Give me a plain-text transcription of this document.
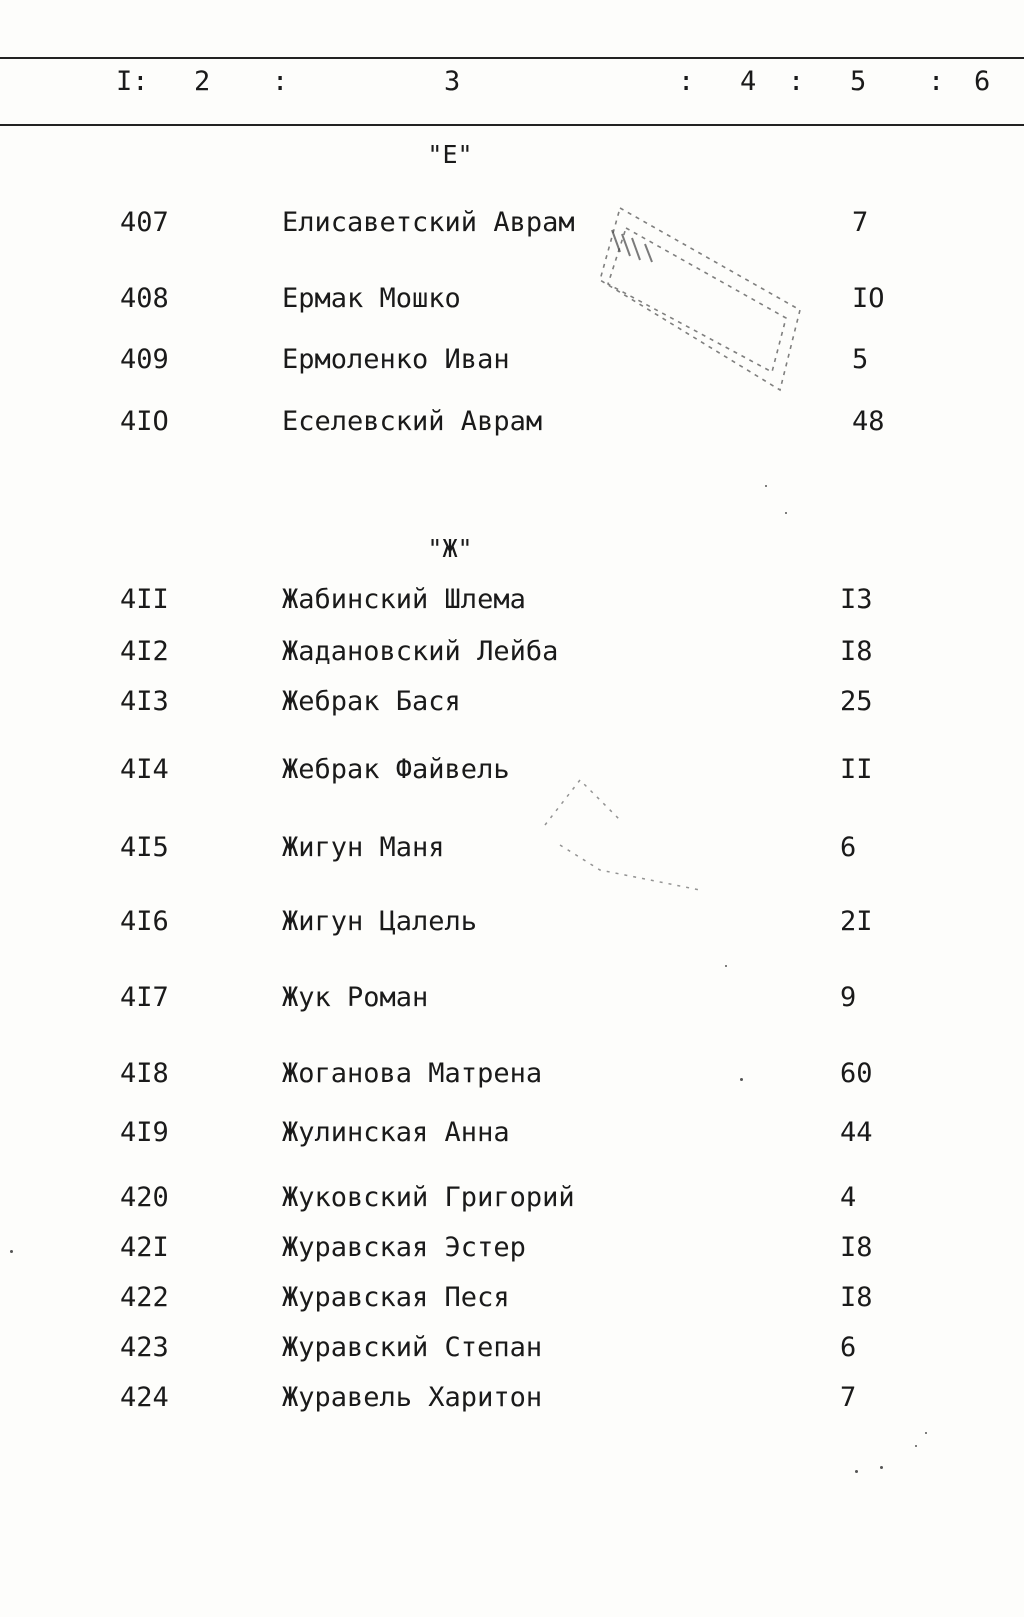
I: 2 :	3	: 4 : 5 : 6
"Е"
407	Елисаветский Аврам	7
408	Ермак Мошко	IO
409	Ермоленко Иван	5
4IO	Еселевский Аврам	48
"Ж"
4II	Жабинский Шлема	I3
4I2	Жадановский Лейба	I8
4I3	Жебрак Бася	25
4I4	Жебрак Файвель	II
4I5	Жигун Маня	6
4I6	Жигун Цалель	2I
4I7	Жук Роман	9
4I8	Жоганова Матрена	60
4I9	Жулинская Анна	44
420	Жуковский Григорий	4
42I	Журавская Эстер	I8
422	Журавская Песя	I8
423	Журавский Степан	6
424	Журавель Харитон	7
